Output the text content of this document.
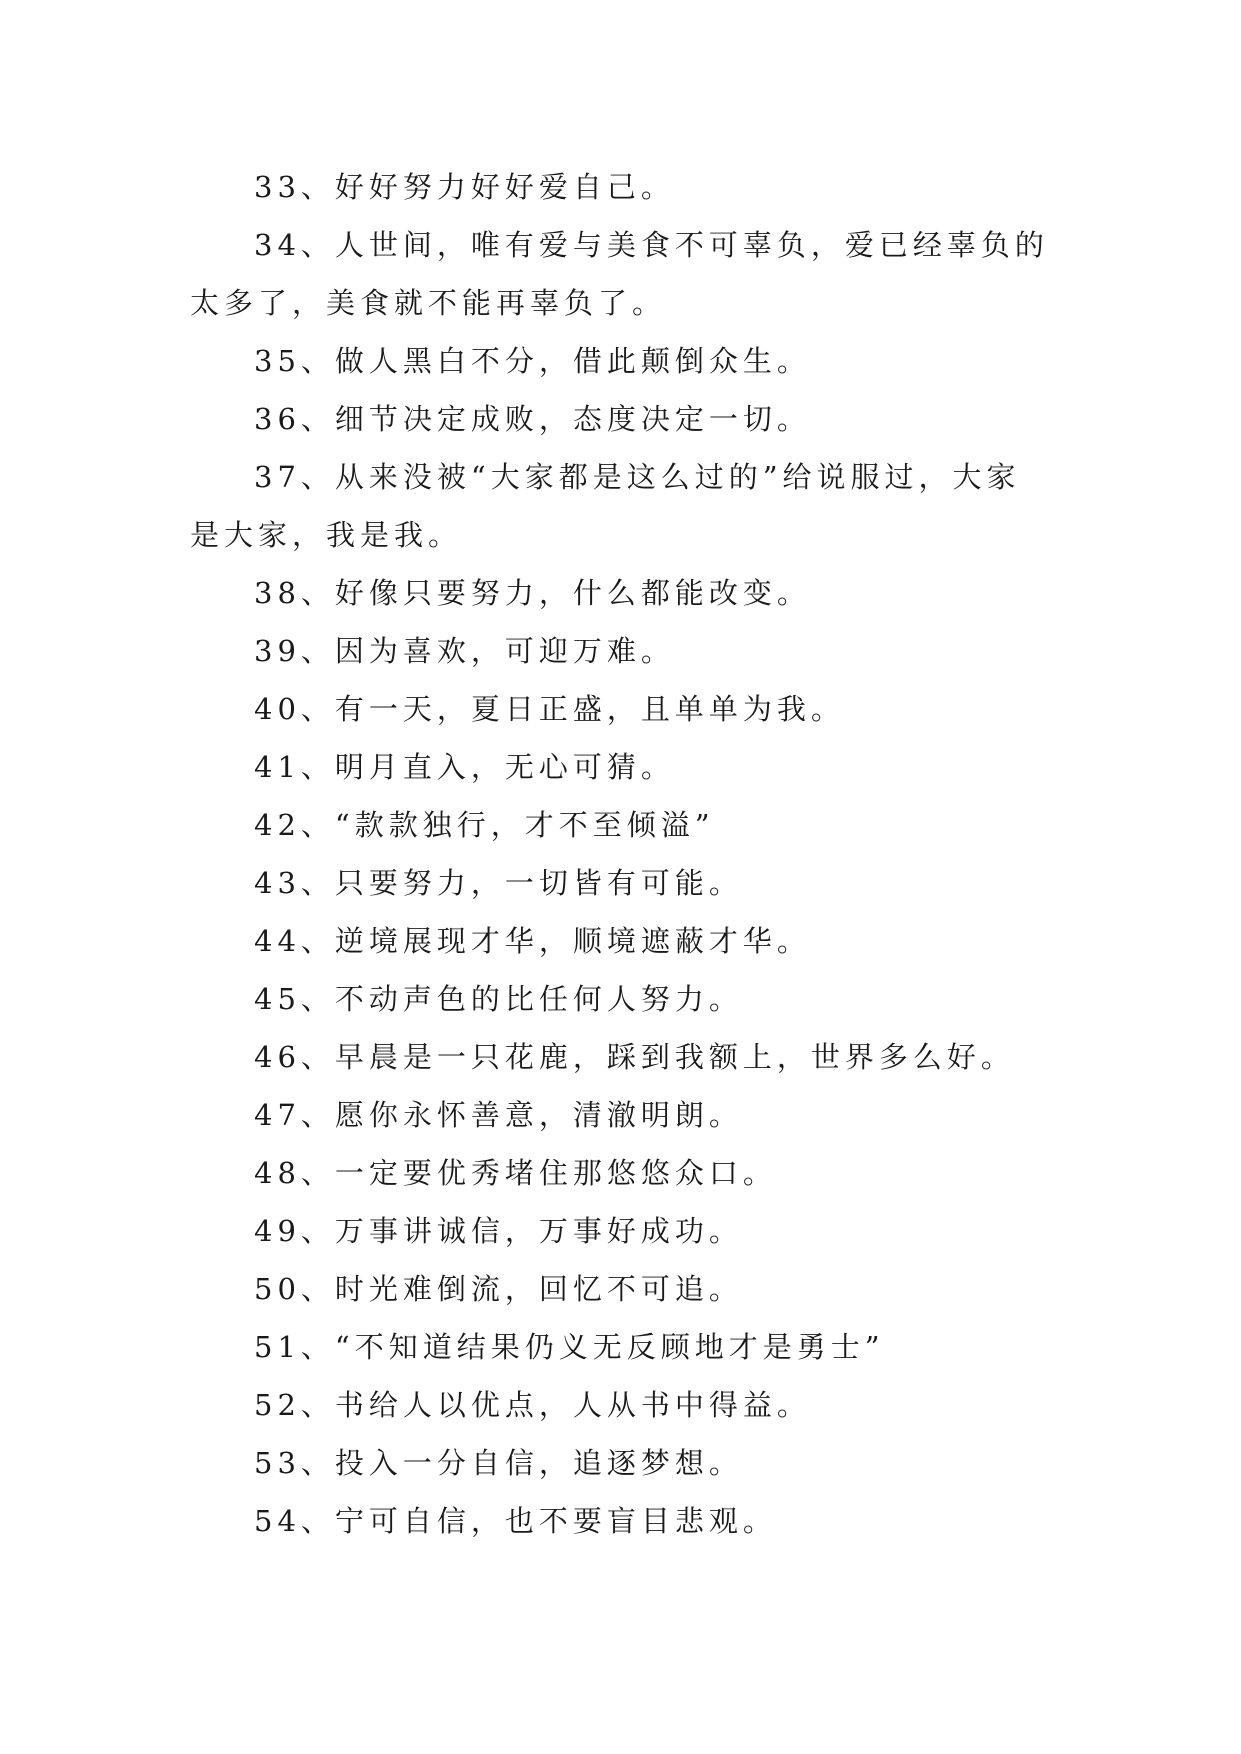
33、好好努力好好爱自己。

34、人世间，唯有爱与美食不可辜负，爱已经辜负的太多了，美食就不能再辜负了。

35、做人黑白不分，借此颠倒众生。

36、细节决定成败，态度决定一切。

37、从来没被“大家都是这么过的”给说服过，大家是大家，我是我。

38、好像只要努力，什么都能改变。

39、因为喜欢，可迎万难。

40、有一天，夏日正盛，且单单为我。

41、明月直入，无心可猜。

42、“款款独行，才不至倾溢”

43、只要努力，一切皆有可能。

44、逆境展现才华，顺境遮蔽才华。

45、不动声色的比任何人努力。

46、早晨是一只花鹿，踩到我额上，世界多么好。

47、愿你永怀善意，清澈明朗。

48、一定要优秀堵住那悠悠众口。

49、万事讲诚信，万事好成功。

50、时光难倒流，回忆不可追。

51、“不知道结果仍义无反顾地才是勇士”

52、书给人以优点，人从书中得益。

53、投入一分自信，追逐梦想。

54、宁可自信，也不要盲目悲观。
